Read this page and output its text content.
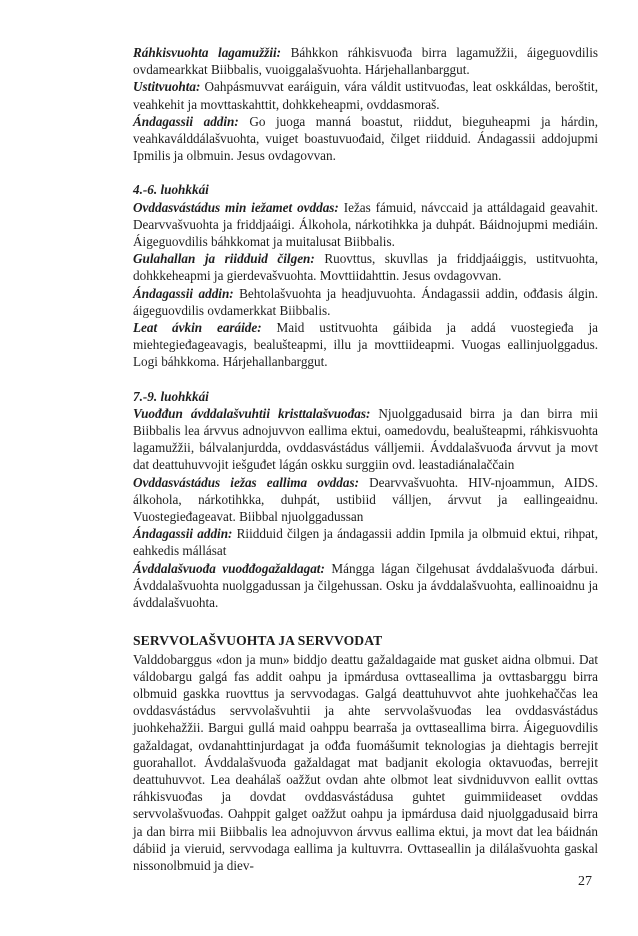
Ráhkisvuohta lagamužžii: Báhkkon ráhkisvuođa birra lagamužžii, áigeguovdilis ovdamearkkat Biibbalis, vuoiggalašvuohta. Hárjehallanbarggut.

Ustitvuohta: Oahpásmuvvat earáiguin, vára váldit ustitvuođas, leat oskkáldas, beroštit, veahkehit ja movttaskahttit, dohkkeheapmi, ovddasmoraš.

Ándagassii addin: Go juoga manná boastut, riiddut, bieguheapmi ja hárdin, veahkaválddálašvuohta, vuiget boastuvuođaid, čilget riidduid. Ándagassii addojupmi Ipmilis ja olbmuin. Jesus ovdagovvan.

4.-6. luohkkái

Ovddasvástádus min iežamet ovddas: Iežas fámuid, návccaid ja attáldagaid geavahit. Dearvvašvuohta ja friddjaáigi. Álkohola, nárkotihkka ja duhpát. Báidnojupmi mediáin. Áigeguovdilis báhkkomat ja muitalusat Biibbalis.

Gulahallan ja riidduid čilgen: Ruovttus, skuvllas ja friddjaáiggis, ustitvuohta, dohkkeheapmi ja gierdevašvuohta. Movttiidahttin. Jesus ovdagovvan.

Ándagassii addin: Behtolašvuohta ja headjuvuohta. Ándagassii addin, ođđasis álgin. áigeguovdilis ovdamerkkat Biibbalis.

Leat ávkin earáide: Maid ustitvuohta gáibida ja addá vuostegieđa ja miehtegieđageavagis, bealušteapmi, illu ja movttiideapmi. Vuogas eallinjuolggadus. Logi báhkkoma. Hárjehallanbarggut.

7.-9. luohkkái

Vuođđun ávddalašvuhtii kristtalašvuođas: Njuolggadusaid birra ja dan birra mii Biibbalis lea árvvus adnojuvvon eallima ektui, oamedovdu, bealušteapmi, ráhkisvuohta lagamužžii, bálvalanjurdda, ovddasvástádus válljemii. Ávddalašvuođa árvvut ja movt dat deattuhuvvojit iešguđet lágán oskku surggiin ovd. leastadiánalaččain

Ovddasvástádus iežas eallima ovddas: Dearvvašvuohta. HIV-njoammun, AIDS. álkohola, nárkotihkka, duhpát, ustibiid válljen, árvvut ja eallingeaidnu. Vuostegieđageavat. Biibbal njuolggadussan

Ándagassii addin: Riidduid čilgen ja ándagassii addin Ipmila ja olbmuid ektui, rihpat, eahkedis mállásat

Ávddalašvuođa vuođđogažaldagat: Mángga lágan čilgehusat ávddalašvuođa dárbui. Ávddalašvuohta nuolggadussan ja čilgehussan. Osku ja ávddalašvuohta, eallinoaidnu ja ávddalašvuohta.

SERVVOLAŠVUOHTA JA SERVVODAT

Valddobarggus «don ja mun» biddjo deattu gažaldagaide mat gusket aidna olbmui. Dat váldobargu galgá fas addit oahpu ja ipmárdusa ovttaseallima ja ovttasbarggu birra olbmuid gaskka ruovttus ja servvodagas. Galgá deattuhuvvot ahte juohkehaččas lea ovddasvástádus servvolašvuhtii ja ahte servvolašvuođas lea ovddasvástádus juohkehažžii. Bargui gullá maid oahppu bearraša ja ovttaseallima birra. Áigeguovdilis gažaldagat, ovdanahttinjurdagat ja ođđa fuomášumit teknologias ja diehtagis berrejit guorahallot. Ávddalašvuođa gažaldagat mat badjanit ekologia oktavuođas, berrejit deattuhuvvot. Lea deahálaš oažžut ovdan ahte olbmot leat sivdniduvvon eallit ovttas ráhkisvuođas ja dovdat ovddasvástádusa guhtet guimmiideaset ovddas servvolašvuođas. Oahppit galget oažžut oahpu ja ipmárdusa daid njuolggadusaid birra ja dan birra mii Biibbalis lea adnojuvvon árvvus eallima ektui, ja movt dat lea báidnán dábiid ja vieruid, servvodaga eallima ja kultuvrra. Ovttaseallin ja dilálašvuohta gaskal nissonolbmuid ja diev-

27
